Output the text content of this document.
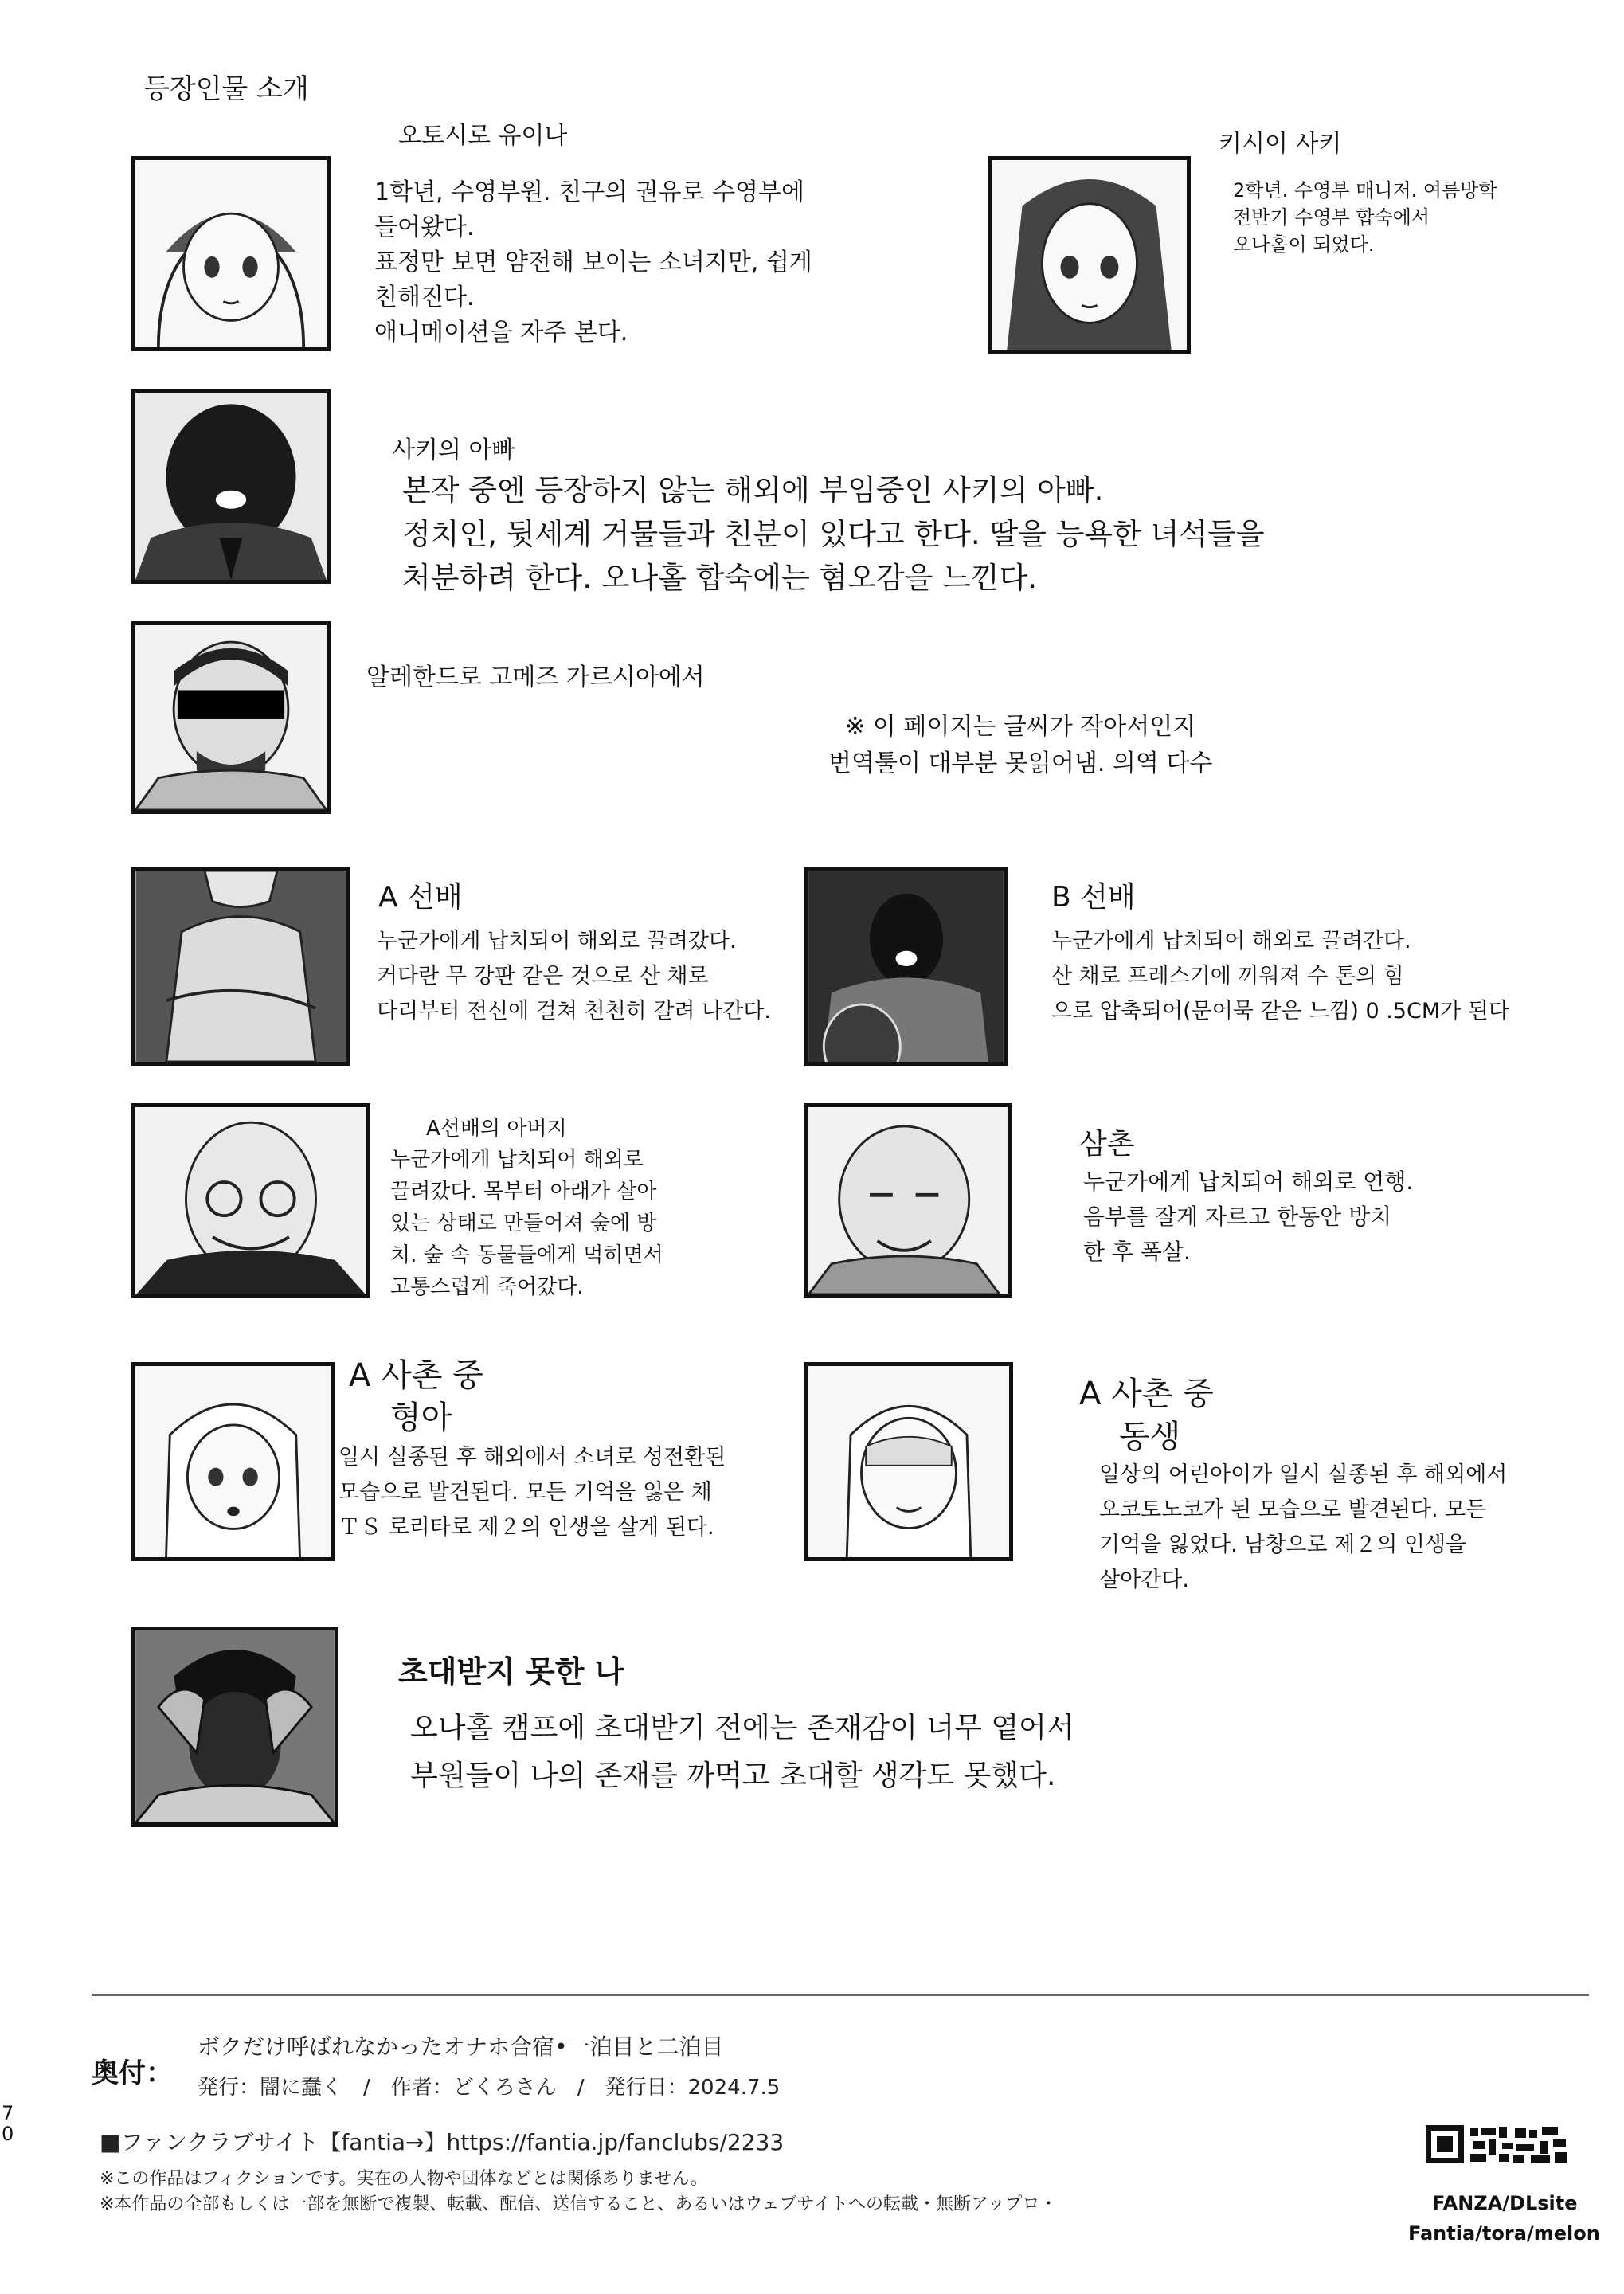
등장인물 소개
오토시로 유이나
1학년, 수영부원. 친구의 권유로 수영부에
들어왔다.
표정만 보면 얌전해 보이는 소녀지만, 쉽게
친해진다.
애니메이션을 자주 본다.
키시이 사키
2학년. 수영부 매니저. 여름방학
전반기 수영부 합숙에서
오나홀이 되었다.
사키의 아빠
본작 중엔 등장하지 않는 해외에 부임중인 사키의 아빠.
정치인, 뒷세계 거물들과 친분이 있다고 한다. 딸을 능욕한 녀석들을
처분하려 한다. 오나홀 합숙에는 혐오감을 느낀다.
알레한드로 고메즈 가르시아에서
※ 이 페이지는 글씨가 작아서인지
번역툴이 대부분 못읽어냄. 의역 다수
A 선배
누군가에게 납치되어 해외로 끌려갔다.
커다란 무 강판 같은 것으로 산 채로
다리부터 전신에 걸쳐 천천히 갈려 나간다.
B 선배
누군가에게 납치되어 해외로 끌려간다.
산 채로 프레스기에 끼워져 수 톤의 힘
으로 압축되어(문어묵 같은 느낌) 0 .5CM가 된다
A선배의 아버지
누군가에게 납치되어 해외로
끌려갔다. 목부터 아래가 살아
있는 상태로 만들어져 숲에 방
치. 숲 속 동물들에게 먹히면서
고통스럽게 죽어갔다.
삼촌
누군가에게 납치되어 해외로 연행.
음부를 잘게 자르고 한동안 방치
한 후 폭살.
A 사촌 중
형아
일시 실종된 후 해외에서 소녀로 성전환된
모습으로 발견된다. 모든 기억을 잃은 채
ＴＳ 로리타로 제２의 인생을 살게 된다.
A 사촌 중
동생
일상의 어린아이가 일시 실종된 후 해외에서
오코토노코가 된 모습으로 발견된다. 모든
기억을 잃었다. 남창으로 제２의 인생을
살아간다.
초대받지 못한 나
오나홀 캠프에 초대받기 전에는 존재감이 너무 옅어서
부원들이 나의 존재를 까먹고 초대할 생각도 못했다.
奥付：
ボクだけ呼ばれなかったオナホ合宿•一泊目と二泊目
発行：闇に蠢く　/　作者：どくろさん　/　発行日：2024.7.5
■ファンクラブサイト【fantia→】https://fantia.jp/fanclubs/2233
※この作品はフィクションです。実在の人物や団体などとは関係ありません。
※本作品の全部もしくは一部を無断で複製、転載、配信、送信すること、あるいはウェブサイトへの転載・無断アップロ・
70
FANZA/DLsite
Fantia/tora/melon
